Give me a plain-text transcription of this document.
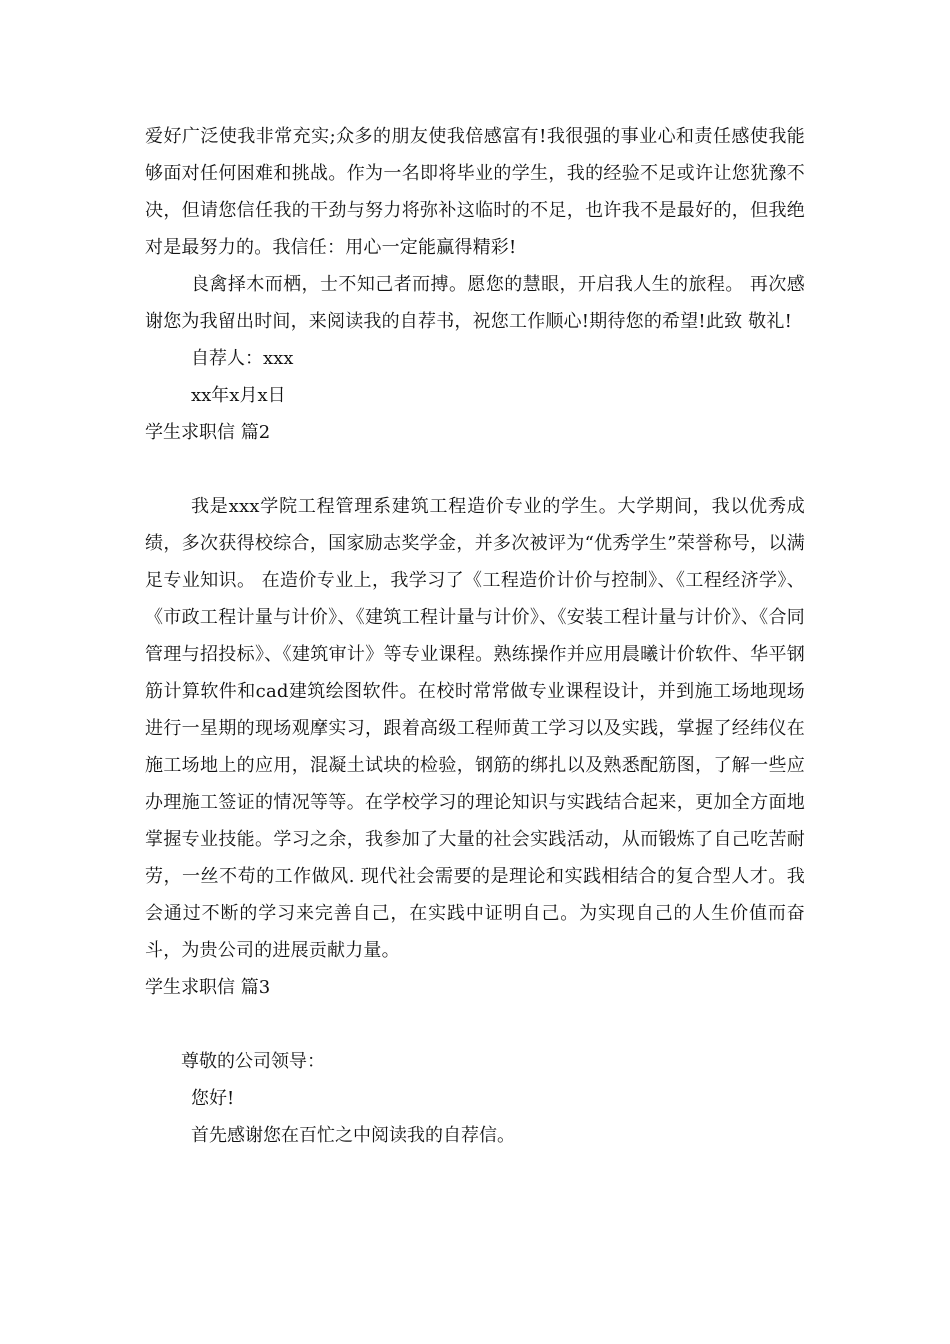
爱好广泛使我非常充实;众多的朋友使我倍感富有!我很强的事业心和责任感使我能够面对任何困难和挑战。作为一名即将毕业的学生，我的经验不足或许让您犹豫不决，但请您信任我的干劲与努力将弥补这临时的不足，也许我不是最好的，但我绝对是最努力的。我信任：用心一定能赢得精彩!

良禽择木而栖，士不知己者而搏。愿您的慧眼，开启我人生的旅程。 再次感谢您为我留出时间，来阅读我的自荐书，祝您工作顺心!期待您的希望!此致 敬礼!

自荐人：xxx

xx年x月x日

学生求职信 篇2

我是xxx学院工程管理系建筑工程造价专业的学生。大学期间，我以优秀成绩，多次获得校综合，国家励志奖学金，并多次被评为“优秀学生”荣誉称号，以满足专业知识。 在造价专业上，我学习了《工程造价计价与控制》、《工程经济学》、《市政工程计量与计价》、《建筑工程计量与计价》、《安装工程计量与计价》、《合同管理与招投标》、《建筑审计》等专业课程。熟练操作并应用晨曦计价软件、华平钢筋计算软件和cad建筑绘图软件。在校时常常做专业课程设计，并到施工场地现场进行一星期的现场观摩实习，跟着高级工程师黄工学习以及实践，掌握了经纬仪在施工场地上的应用，混凝土试块的检验，钢筋的绑扎以及熟悉配筋图，了解一些应办理施工签证的情况等等。在学校学习的理论知识与实践结合起来，更加全方面地掌握专业技能。学习之余，我参加了大量的社会实践活动，从而锻炼了自己吃苦耐劳，一丝不苟的工作做风. 现代社会需要的是理论和实践相结合的复合型人才。我会通过不断的学习来完善自己，在实践中证明自己。为实现自己的人生价值而奋斗，为贵公司的进展贡献力量。

学生求职信 篇3

尊敬的公司领导：

您好!

首先感谢您在百忙之中阅读我的自荐信。
